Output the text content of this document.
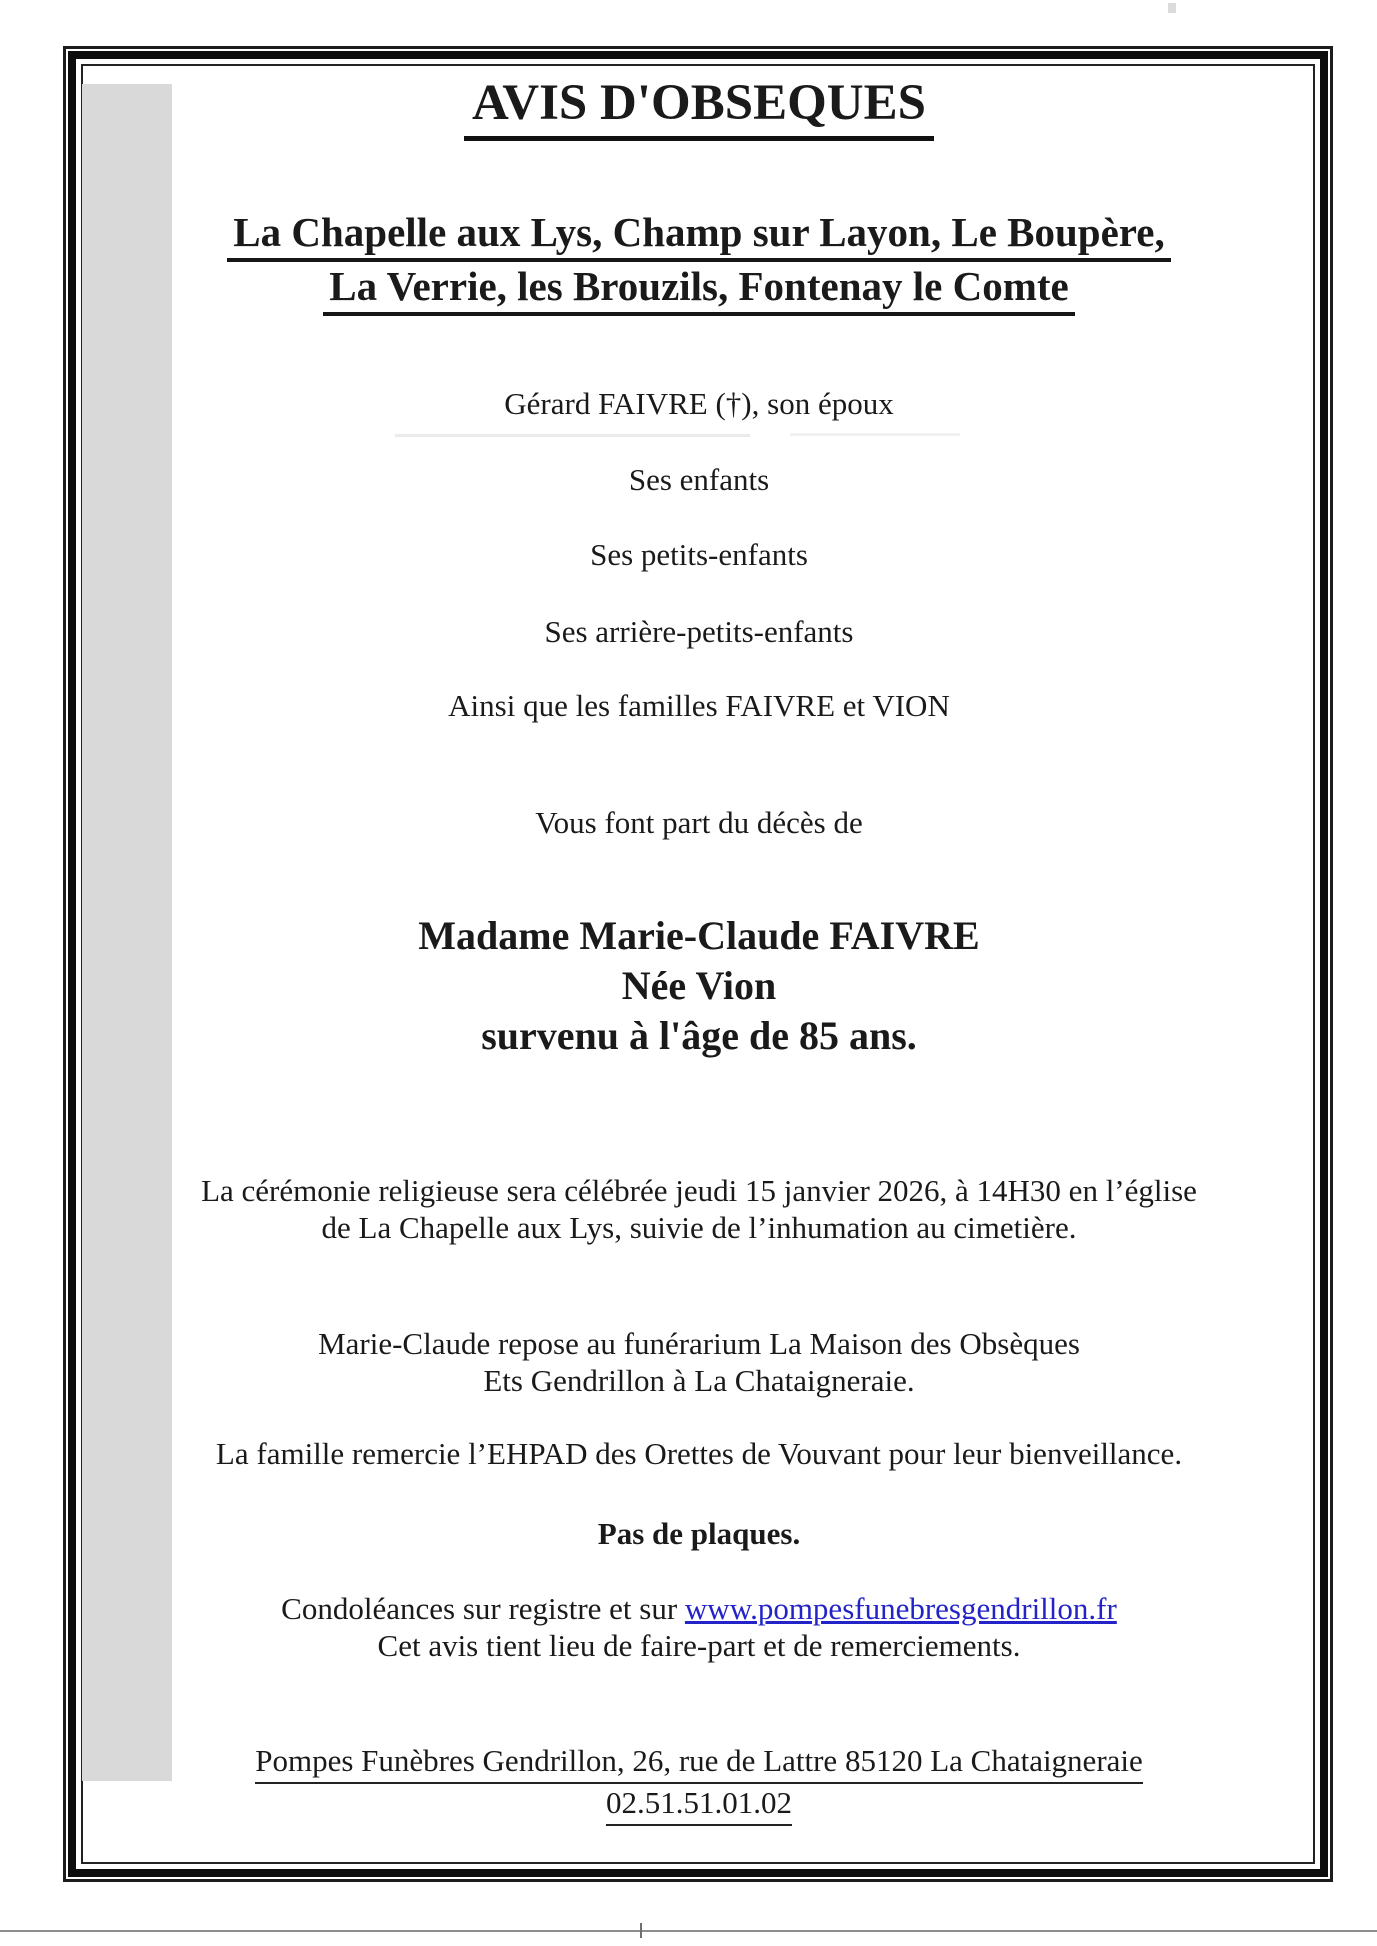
AVIS D'OBSEQUES
La Chapelle aux Lys, Champ sur Layon, Le Boupère,
La Verrie, les Brouzils, Fontenay le Comte
Gérard FAIVRE (†), son époux
Ses enfants
Ses petits-enfants
Ses arrière-petits-enfants
Ainsi que les familles FAIVRE et VION
Vous font part du décès de
Madame Marie-Claude FAIVRE
Née Vion
survenu à l'âge de 85 ans.
La cérémonie religieuse sera célébrée jeudi 15 janvier 2026, à 14H30 en l’église
de La Chapelle aux Lys, suivie de l’inhumation au cimetière.
Marie-Claude repose au funérarium La Maison des Obsèques
Ets Gendrillon à La Chataigneraie.
La famille remercie l’EHPAD des Orettes de Vouvant pour leur bienveillance.
Pas de plaques.
Condoléances sur registre et sur www.pompesfunebresgendrillon.fr
Cet avis tient lieu de faire-part et de remerciements.
Pompes Funèbres Gendrillon, 26, rue de Lattre 85120 La Chataigneraie
02.51.51.01.02
